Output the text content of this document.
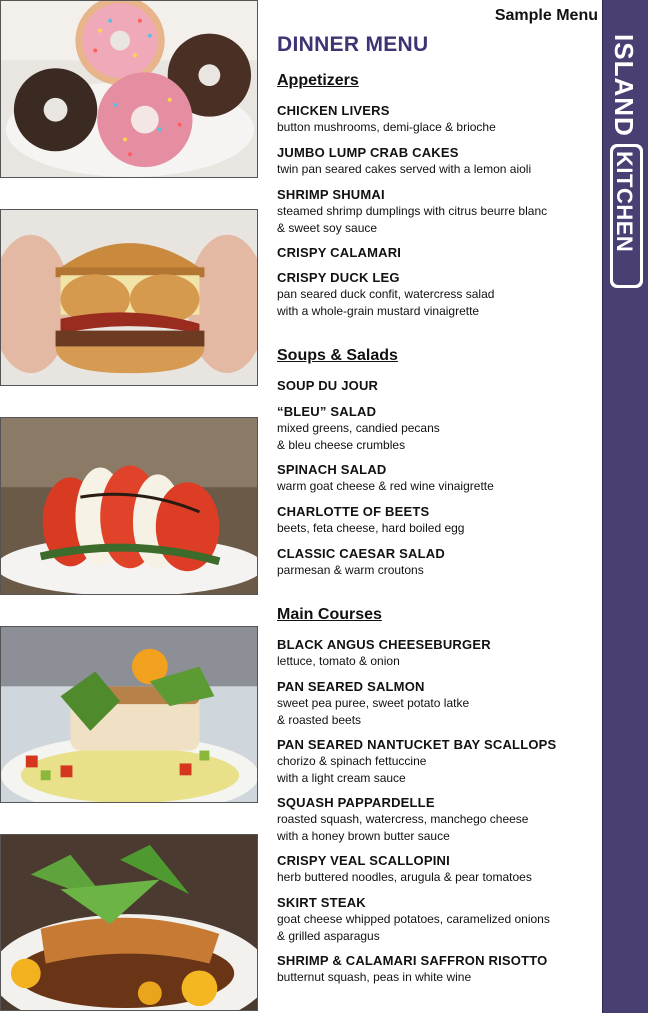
Sample Menu
ISLAND
KITCHEN
DINNER MENU
Appetizers
CHICKEN LIVERS
button mushrooms, demi-glace & brioche
JUMBO LUMP CRAB CAKES
twin pan seared cakes served with a lemon aioli
SHRIMP SHUMAI
steamed shrimp dumplings with citrus beurre blanc
& sweet soy sauce
CRISPY CALAMARI
CRISPY DUCK LEG
pan seared duck confit, watercress salad
with a whole-grain mustard vinaigrette
Soups & Salads
SOUP DU JOUR
“BLEU” SALAD
mixed greens, candied pecans
& bleu cheese crumbles
SPINACH SALAD
warm goat cheese & red wine vinaigrette
CHARLOTTE OF BEETS
beets, feta cheese, hard boiled egg
CLASSIC CAESAR SALAD
parmesan & warm croutons
Main Courses
BLACK ANGUS CHEESEBURGER
lettuce, tomato & onion
PAN SEARED SALMON
sweet pea puree, sweet potato latke
& roasted beets
PAN SEARED NANTUCKET BAY SCALLOPS
chorizo & spinach fettuccine
with a light cream sauce
SQUASH PAPPARDELLE
roasted squash, watercress, manchego cheese
with a honey brown butter sauce
CRISPY VEAL SCALLOPINI
herb buttered noodles, arugula & pear tomatoes
SKIRT STEAK
goat cheese whipped potatoes, caramelized onions
& grilled asparagus
SHRIMP & CALAMARI SAFFRON RISOTTO
butternut squash, peas in white wine
